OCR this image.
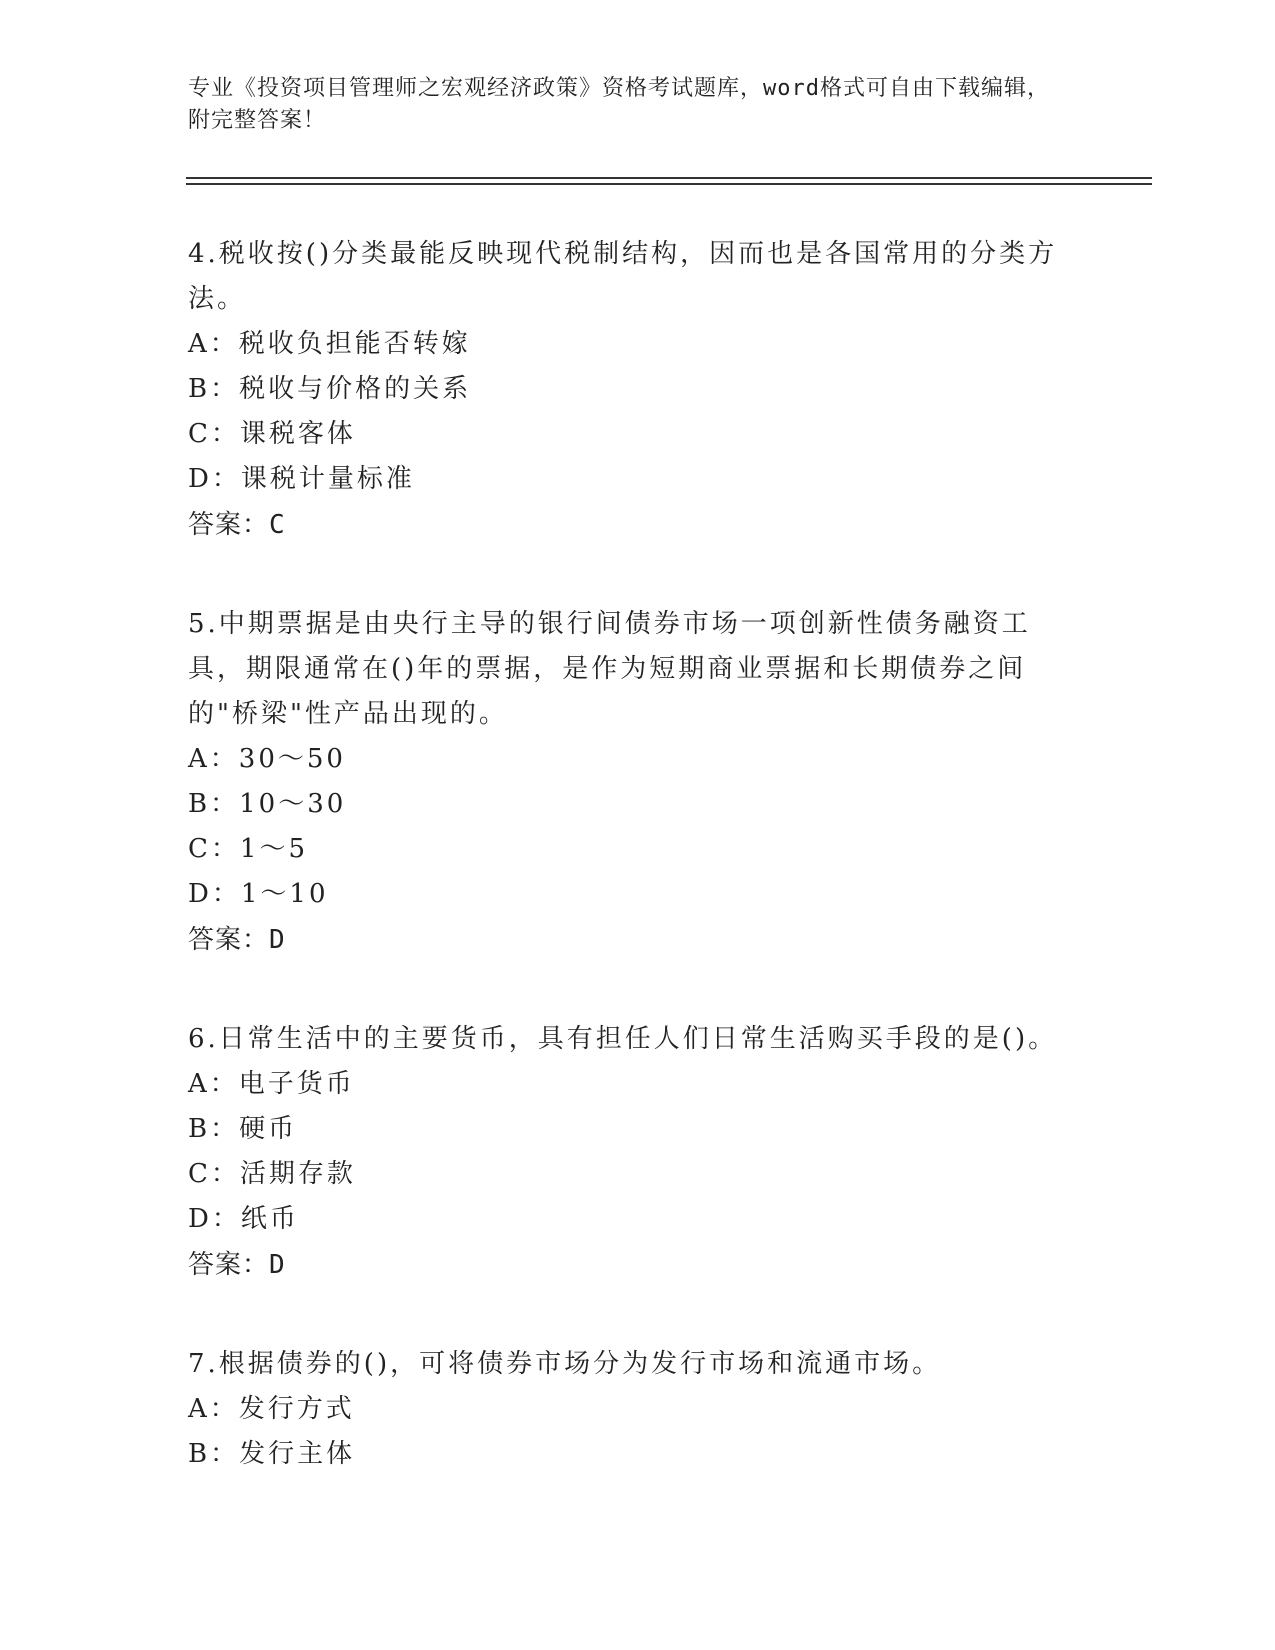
专业《投资项目管理师之宏观经济政策》资格考试题库，word格式可自由下载编辑，附完整答案！
4.税收按()分类最能反映现代税制结构，因而也是各国常用的分类方法。
A：税收负担能否转嫁
B：税收与价格的关系
C：课税客体
D：课税计量标准
答案：C
5.中期票据是由央行主导的银行间债券市场一项创新性债务融资工具，期限通常在()年的票据，是作为短期商业票据和长期债券之间的"桥梁"性产品出现的。
A：30～50
B：10～30
C：1～5
D：1～10
答案：D
6.日常生活中的主要货币，具有担任人们日常生活购买手段的是()。
A：电子货币
B：硬币
C：活期存款
D：纸币
答案：D
7.根据债券的()，可将债券市场分为发行市场和流通市场。
A：发行方式
B：发行主体
